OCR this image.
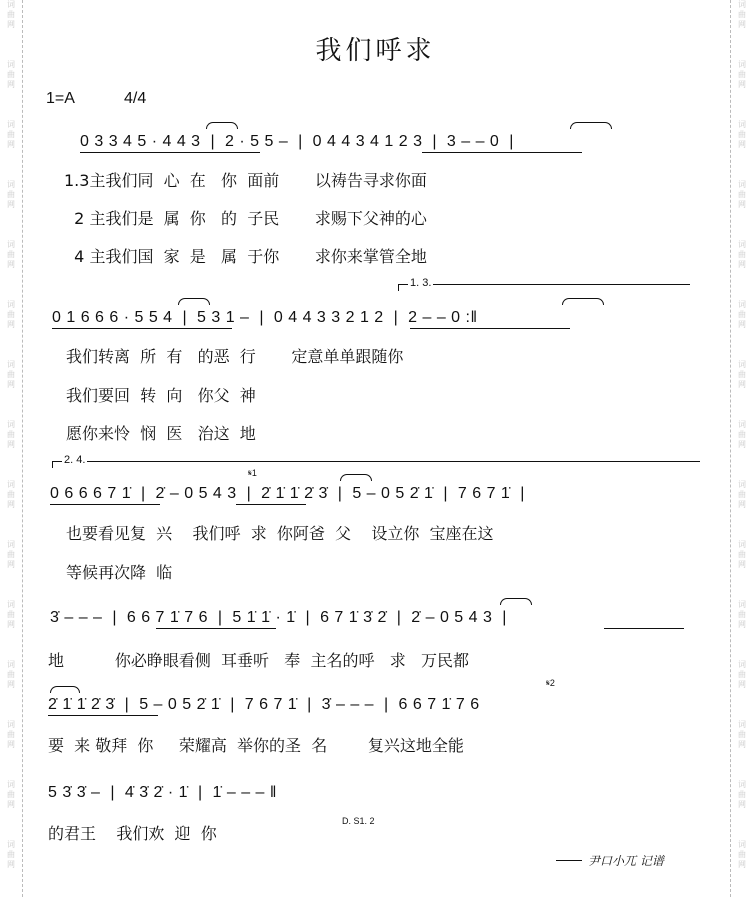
词
曲
网
词
曲
网
词
曲
网
词
曲
网
词
曲
网
词
曲
网
词
曲
网
词
曲
网
词
曲
网
词
曲
网
词
曲
网
词
曲
网
词
曲
网
词
曲
网
词
曲
网
词
曲
网
词
曲
网
词
曲
网
词
曲
网
词
曲
网
词
曲
网
词
曲
网
词
曲
网
词
曲
网
词
曲
网
词
曲
网
词
曲
网
词
曲
网
词
曲
网
词
曲
网
我们呼求
1=A	4/4
0 3 3 4 5 · 4 4 3  |  2 · 5 5 –  |  0 4 4 3 4 1 2 3  |  3 – – 0  |
1.3主我们同  心  在   你  面前       以祷告寻求你面
2 主我们是  属  你   的  子民       求赐下父神的心
4 主我们国  家  是   属  于你       求你来掌管全地
1. 3.
0 1 6 6 6 · 5 5 4  |  5 3 1 –  |  0 4 4 3 3 2 1 2  |  2 – – 0 :‖
我们转离  所  有   的恶  行       定意单单跟随你
我们要回  转  向   你父  神
愿你来怜  悯  医   治这  地
2. 4.
𝄋1
0 6 6 6 7 1̇  |  2̇ – 0 5 4 3  |  2̇ 1̇ 1̇ 2̇ 3̇  |  5 – 0 5 2̇ 1̇  |  7 6 7 1̇  |
也要看见复  兴    我们呼  求  你阿爸  父    设立你  宝座在这
等候再次降  临
3̇ – – –  |  6 6 7 1̇ 7 6  |  5 1̇ 1̇ · 1̇  |  6 7 1̇ 3̇ 2̇  |  2̇ – 0 5 4 3  |
地          你必睁眼看侧  耳垂听   奉  主名的呼   求   万民都
𝄋2
2̇ 1̇ 1̇ 2̇ 3̇  |  5 – 0 5 2̇ 1̇  |  7 6 7 1̇  |  3̇ – – –  |  6 6 7 1̇ 7 6
要  来 敬拜  你     荣耀高  举你的圣  名        复兴这地全能
5 3̇ 3̇ –  |  4̇ 3̇ 2̇ · 1̇  |  1̇ – – – ‖
D. S1. 2
的君王    我们欢  迎  你
尹口小兀 记谱
